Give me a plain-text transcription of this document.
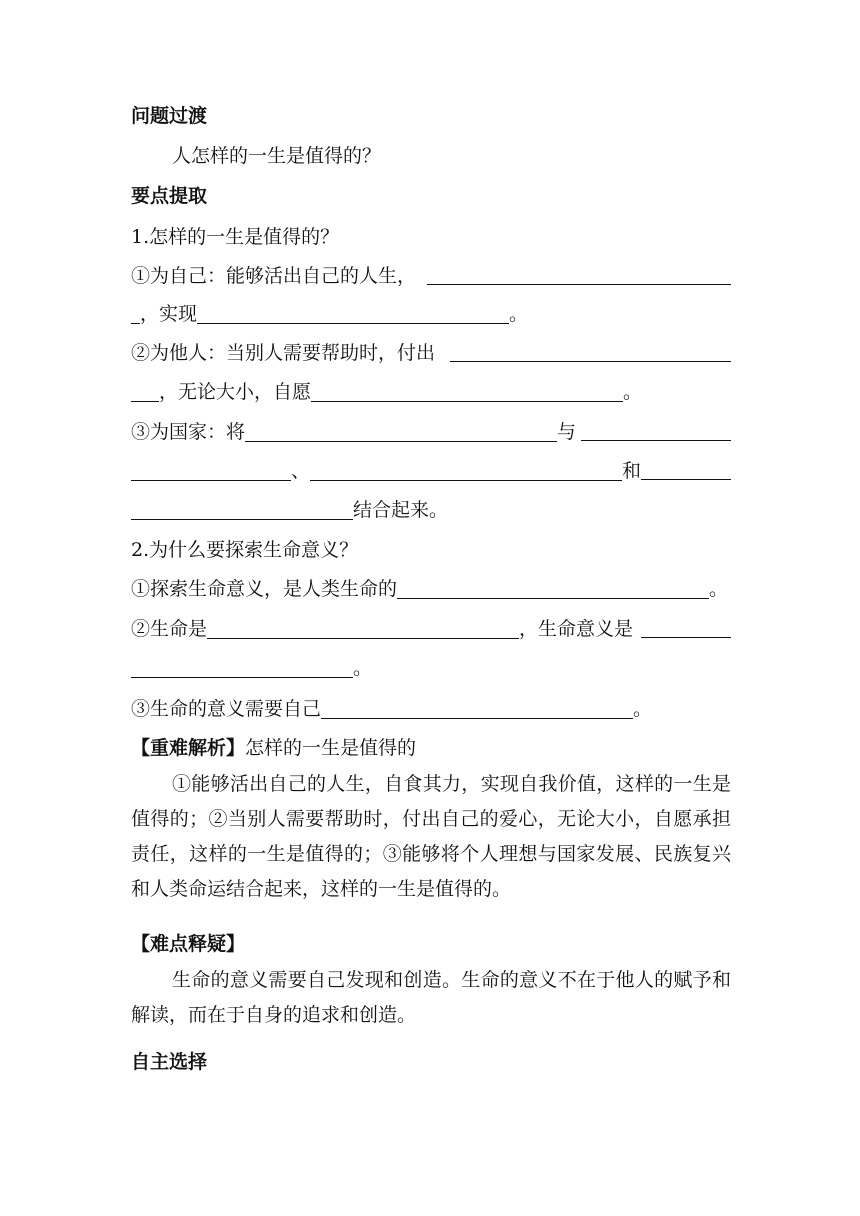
问题过渡
人怎样的一生是值得的？
要点提取
1.怎样的一生是值得的？
①为自己：能够活出自己的人生，
，实现	。
②为他人：当别人需要帮助时，付出
，无论大小，自愿	。
③为国家：将	与
、	和
结合起来。
2.为什么要探索生命意义？
①探索生命意义，是人类生命的	。
②生命是	，生命意义是
。
③生命的意义需要自己	。
【重难解析】怎样的一生是值得的
①能够活出自己的人生，自食其力，实现自我价值，这样的一生是值得的；②当别人需要帮助时，付出自己的爱心，无论大小，自愿承担责任，这样的一生是值得的；③能够将个人理想与国家发展、民族复兴和人类命运结合起来，这样的一生是值得的。
【难点释疑】
生命的意义需要自己发现和创造。生命的意义不在于他人的赋予和解读，而在于自身的追求和创造。
自主选择
